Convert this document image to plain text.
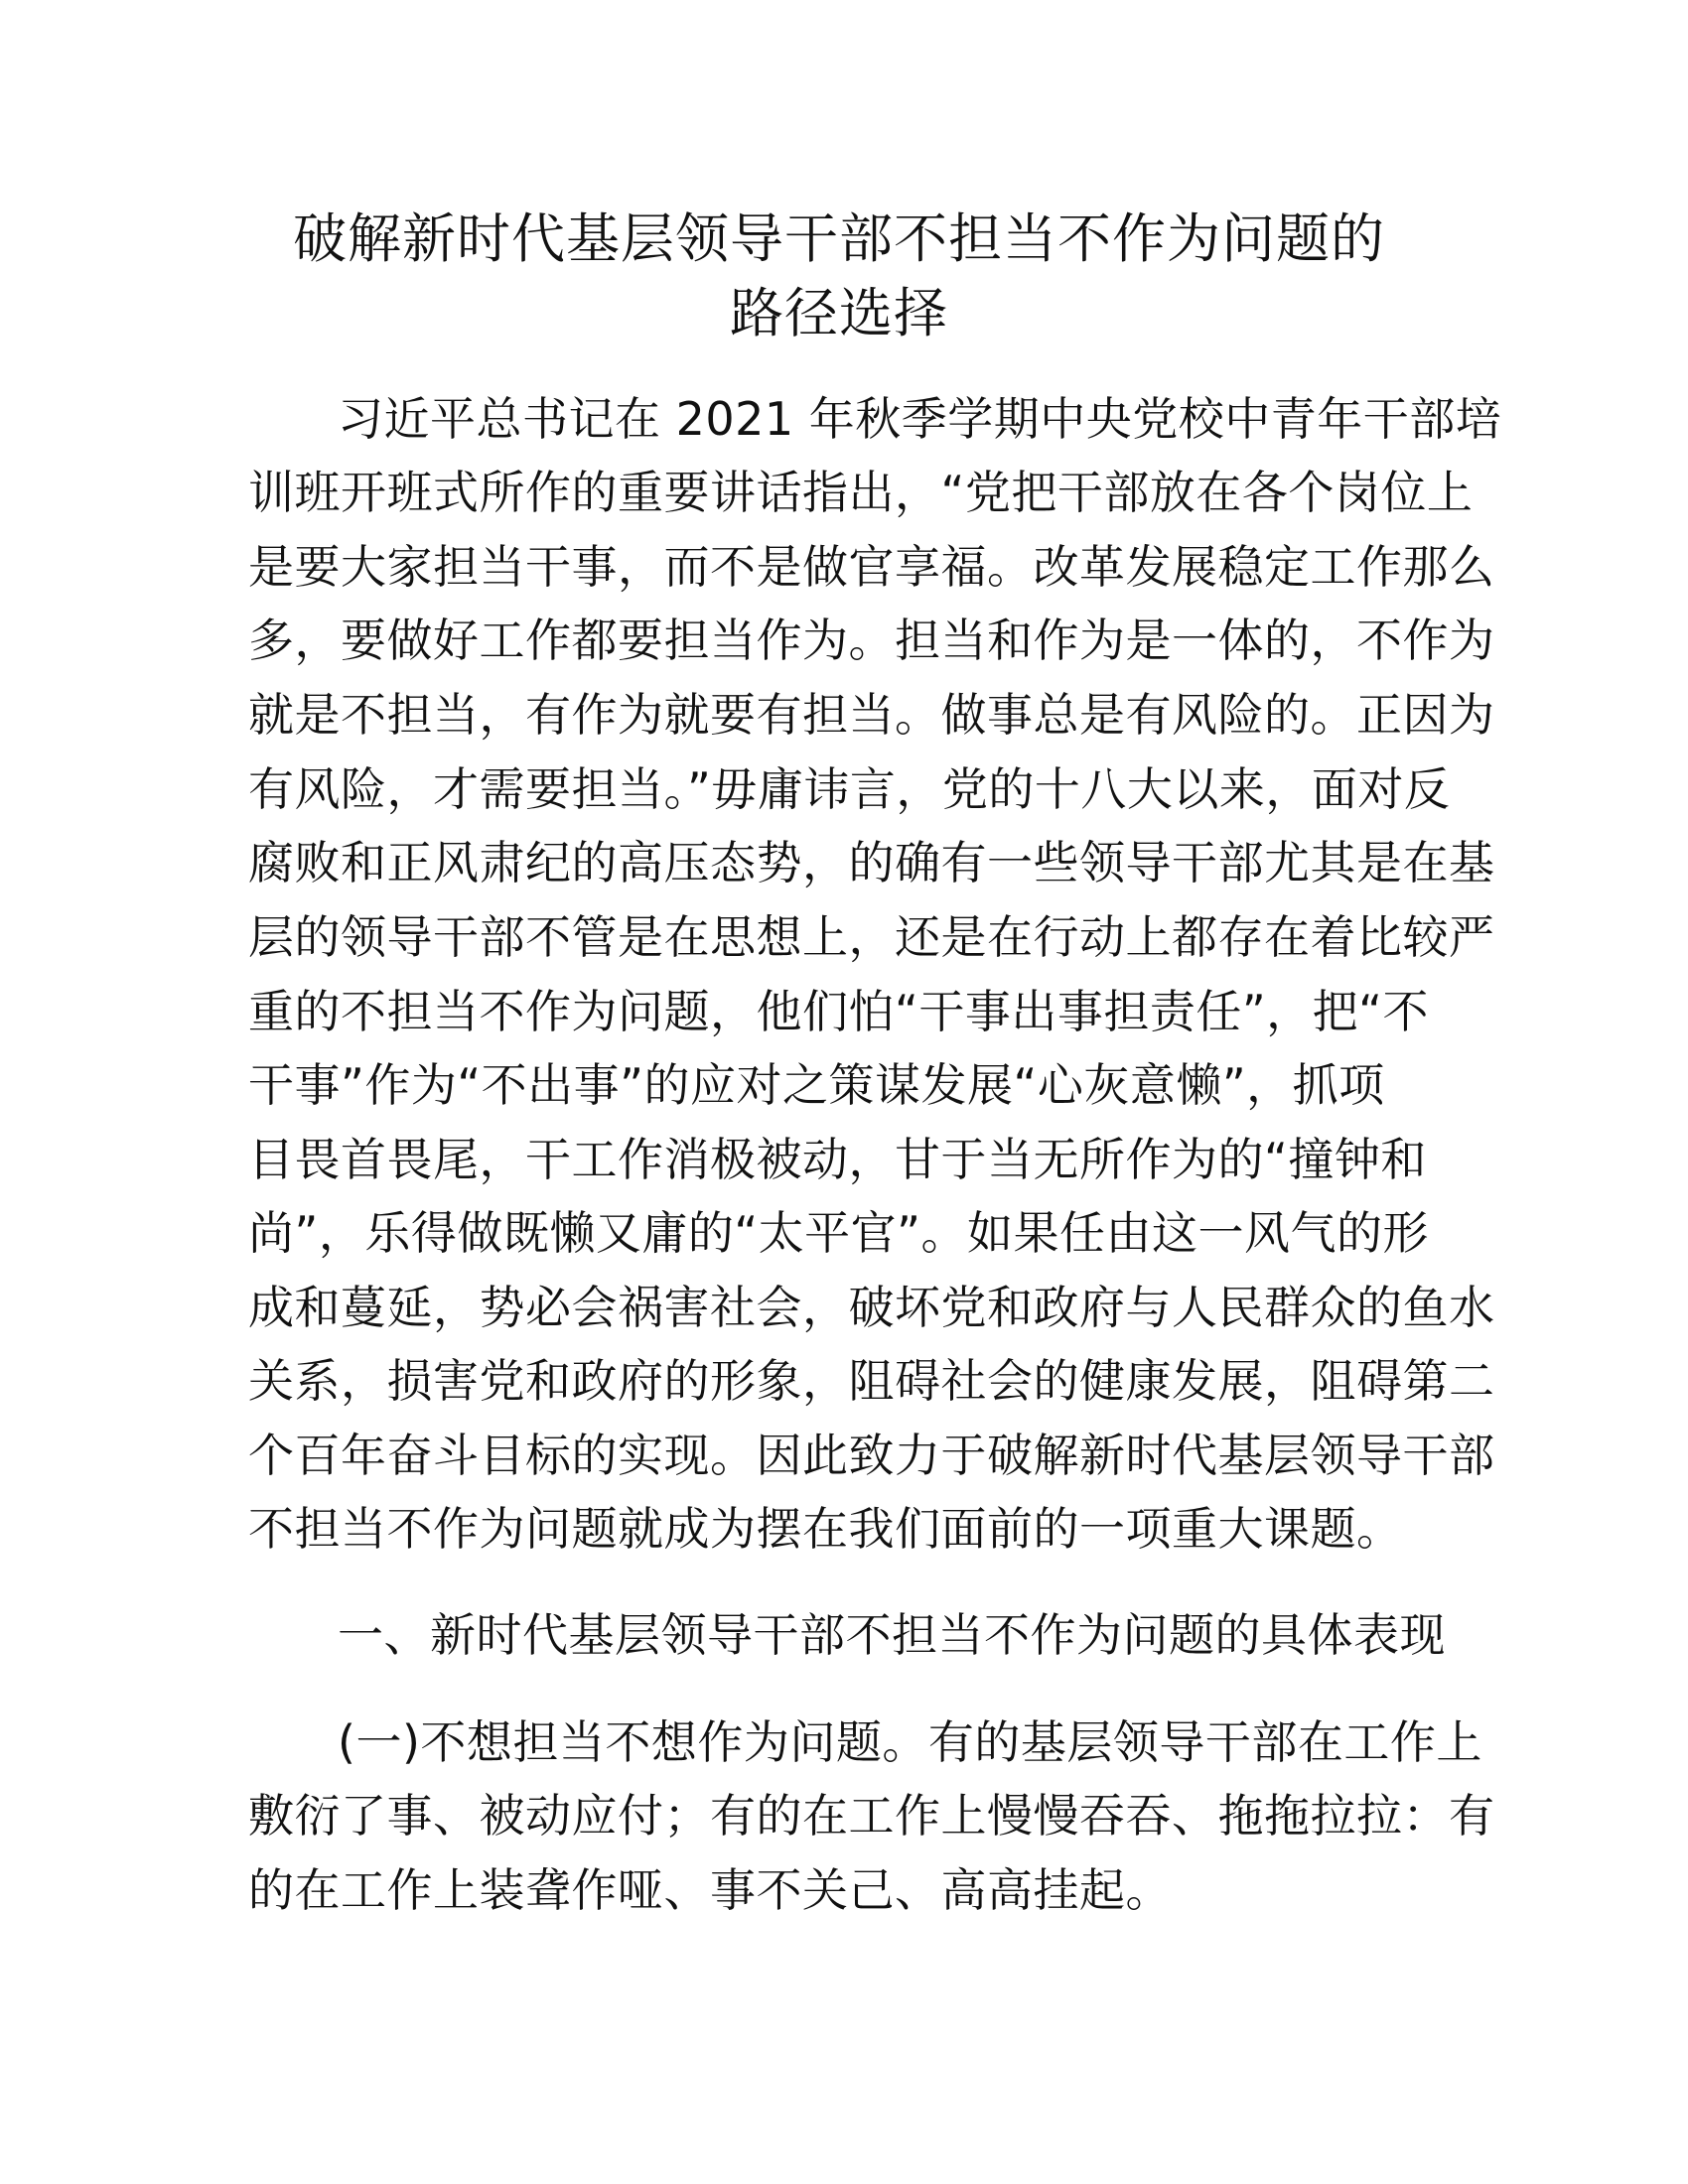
破解新时代基层领导干部不担当不作为问题的
路径选择

习近平总书记在 2021 年秋季学期中央党校中青年干部培

训班开班式所作的重要讲话指出，“党把干部放在各个岗位上

是要大家担当干事，而不是做官享福。改革发展稳定工作那么

多，要做好工作都要担当作为。担当和作为是一体的，不作为

就是不担当，有作为就要有担当。做事总是有风险的。正因为

有风险，才需要担当。”毋庸讳言，党的十八大以来，面对反

腐败和正风肃纪的高压态势，的确有一些领导干部尤其是在基

层的领导干部不管是在思想上，还是在行动上都存在着比较严

重的不担当不作为问题，他们怕“干事出事担责任”，把“不

干事”作为“不出事”的应对之策谋发展“心灰意懒”，抓项

目畏首畏尾，干工作消极被动，甘于当无所作为的“撞钟和

尚”，乐得做既懒又庸的“太平官”。如果任由这一风气的形

成和蔓延，势必会祸害社会，破坏党和政府与人民群众的鱼水

关系，损害党和政府的形象，阻碍社会的健康发展，阻碍第二

个百年奋斗目标的实现。因此致力于破解新时代基层领导干部

不担当不作为问题就成为摆在我们面前的一项重大课题。

一、新时代基层领导干部不担当不作为问题的具体表现

(一)不想担当不想作为问题。有的基层领导干部在工作上

敷衍了事、被动应付；有的在工作上慢慢吞吞、拖拖拉拉：有

的在工作上装聋作哑、事不关己、高高挂起。
